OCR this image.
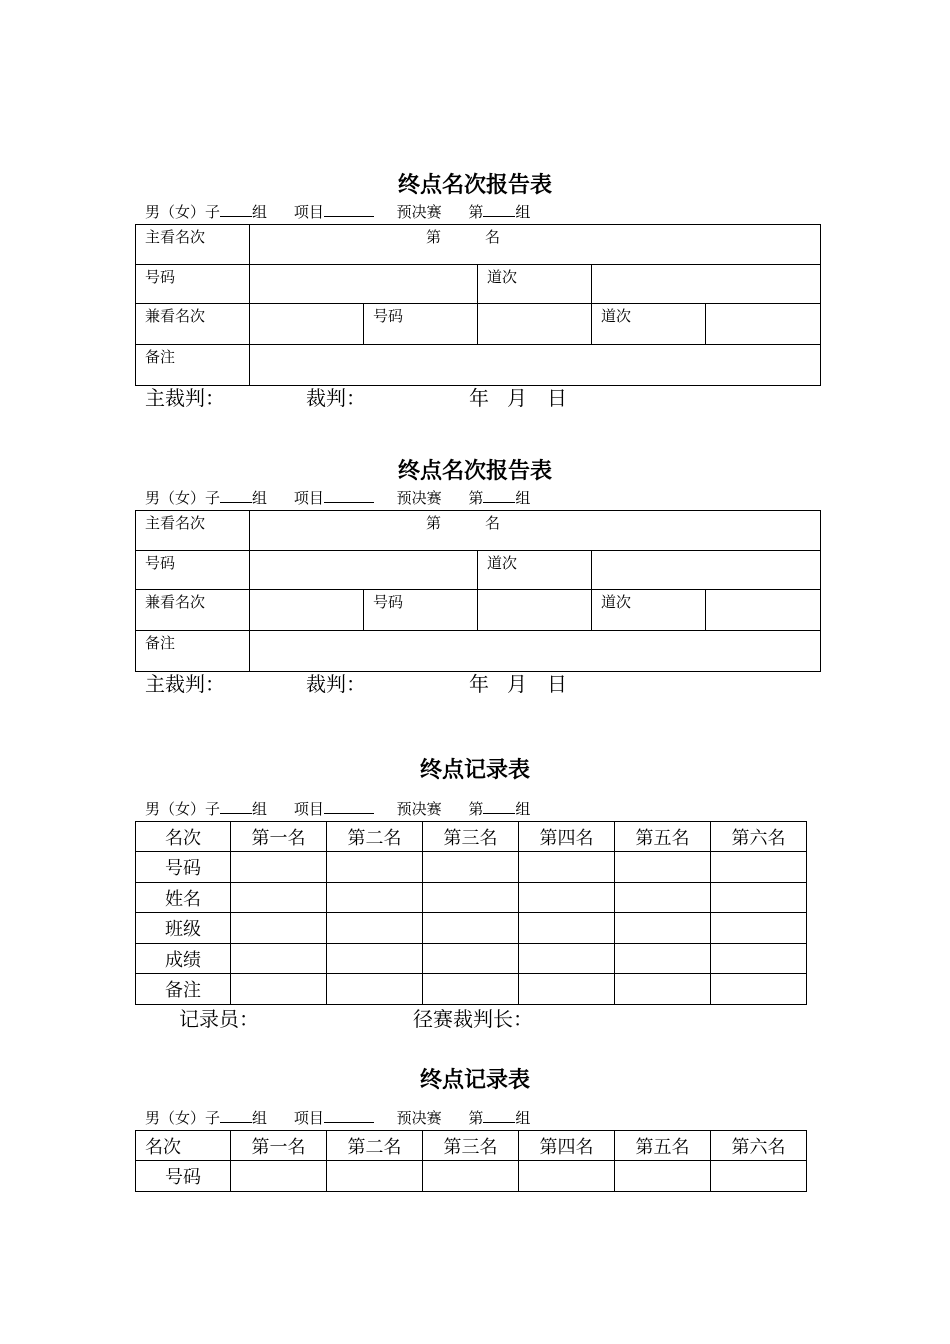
终点名次报告表
男（女）子 组 项目	预决赛 第 组
主看名次	第 名				

号码			道次		

兼看名次		号码		道次	

备注					

主裁判：	裁判：	年 月 日
终点名次报告表
男（女）子 组 项目	预决赛 第 组
主看名次	第 名				

号码			道次		

兼看名次		号码		道次	

备注					

主裁判：	裁判：	年 月 日
终点记录表
男（女）子 组 项目	预决赛 第 组
名次	第一名	第二名	第三名	第四名	第五名	第六名
号码						
姓名						
班级						
成绩						
备注						
记录员：	径赛裁判长：
终点记录表
男（女）子 组 项目	预决赛 第 组
名次	第一名	第二名	第三名	第四名	第五名	第六名
号码						
